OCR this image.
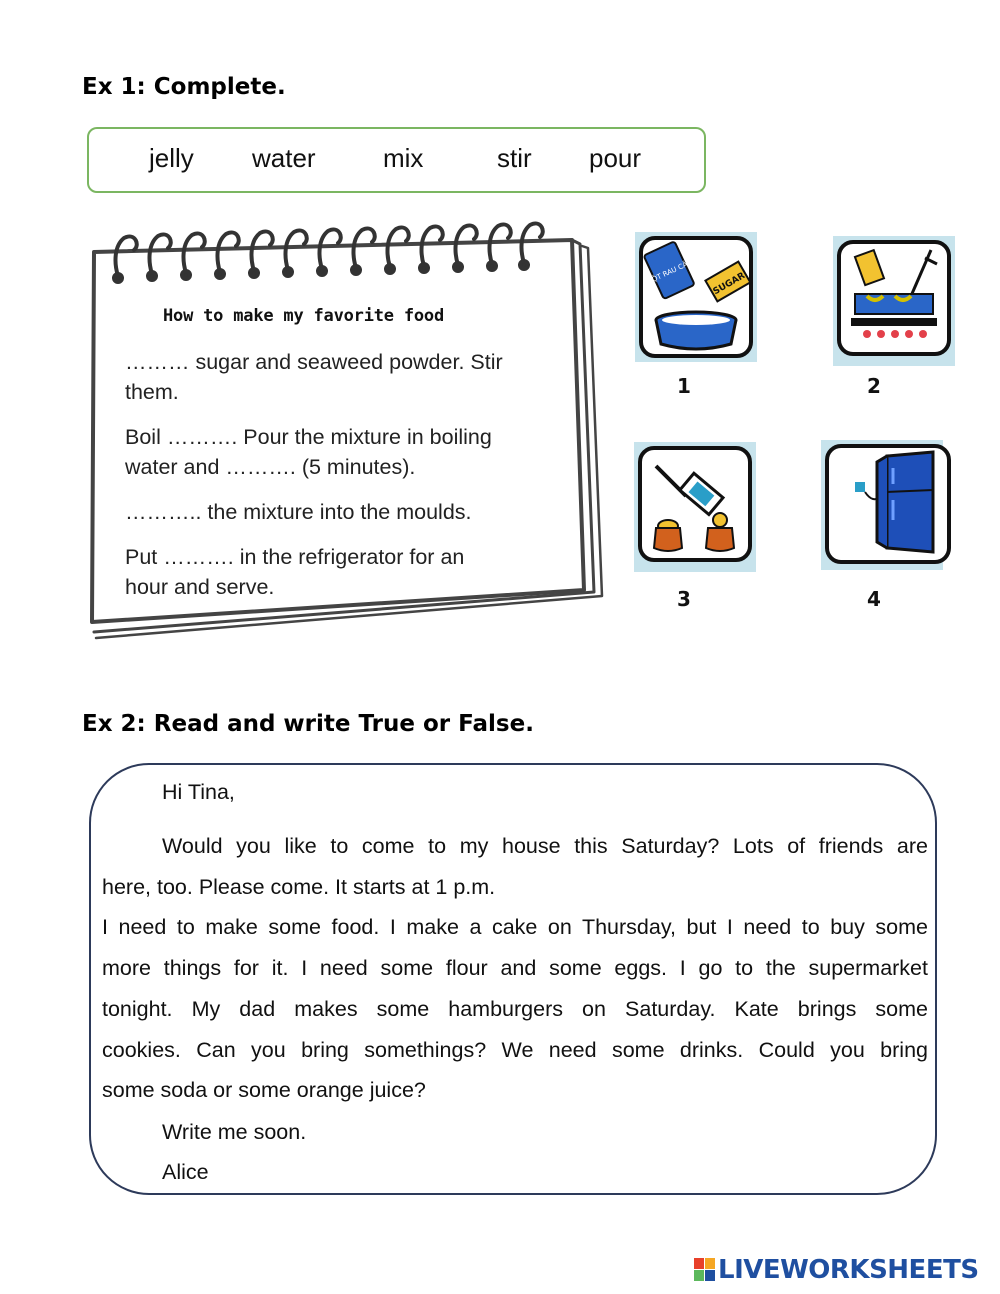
Ex 1: Complete.
jelly water	mix	stir pour
How to make my favorite food
……… sugar and seaweed powder. Stir
them.
Boil ………. Pour the mixture in boiling
water and ………. (5 minutes).
……….. the mixture into the moulds.
Put ………. in the refrigerator for an
hour and serve.
BỘT RAU CÂU SUGAR
1	2
3	4
Ex 2: Read and write True or False.
Hi Tina,
Would you like to come to my house this Saturday? Lots of friends are
here, too. Please come. It starts at 1 p.m.
I need to make some food. I make a cake on Thursday, but I need to buy some
more things for it. I need some flour and some eggs. I go to the supermarket
tonight. My dad makes some hamburgers on Saturday. Kate brings some
cookies. Can you bring somethings? We need some drinks. Could you bring
some soda or some orange juice?
Write me soon.
Alice
LIVEWORKSHEETS
